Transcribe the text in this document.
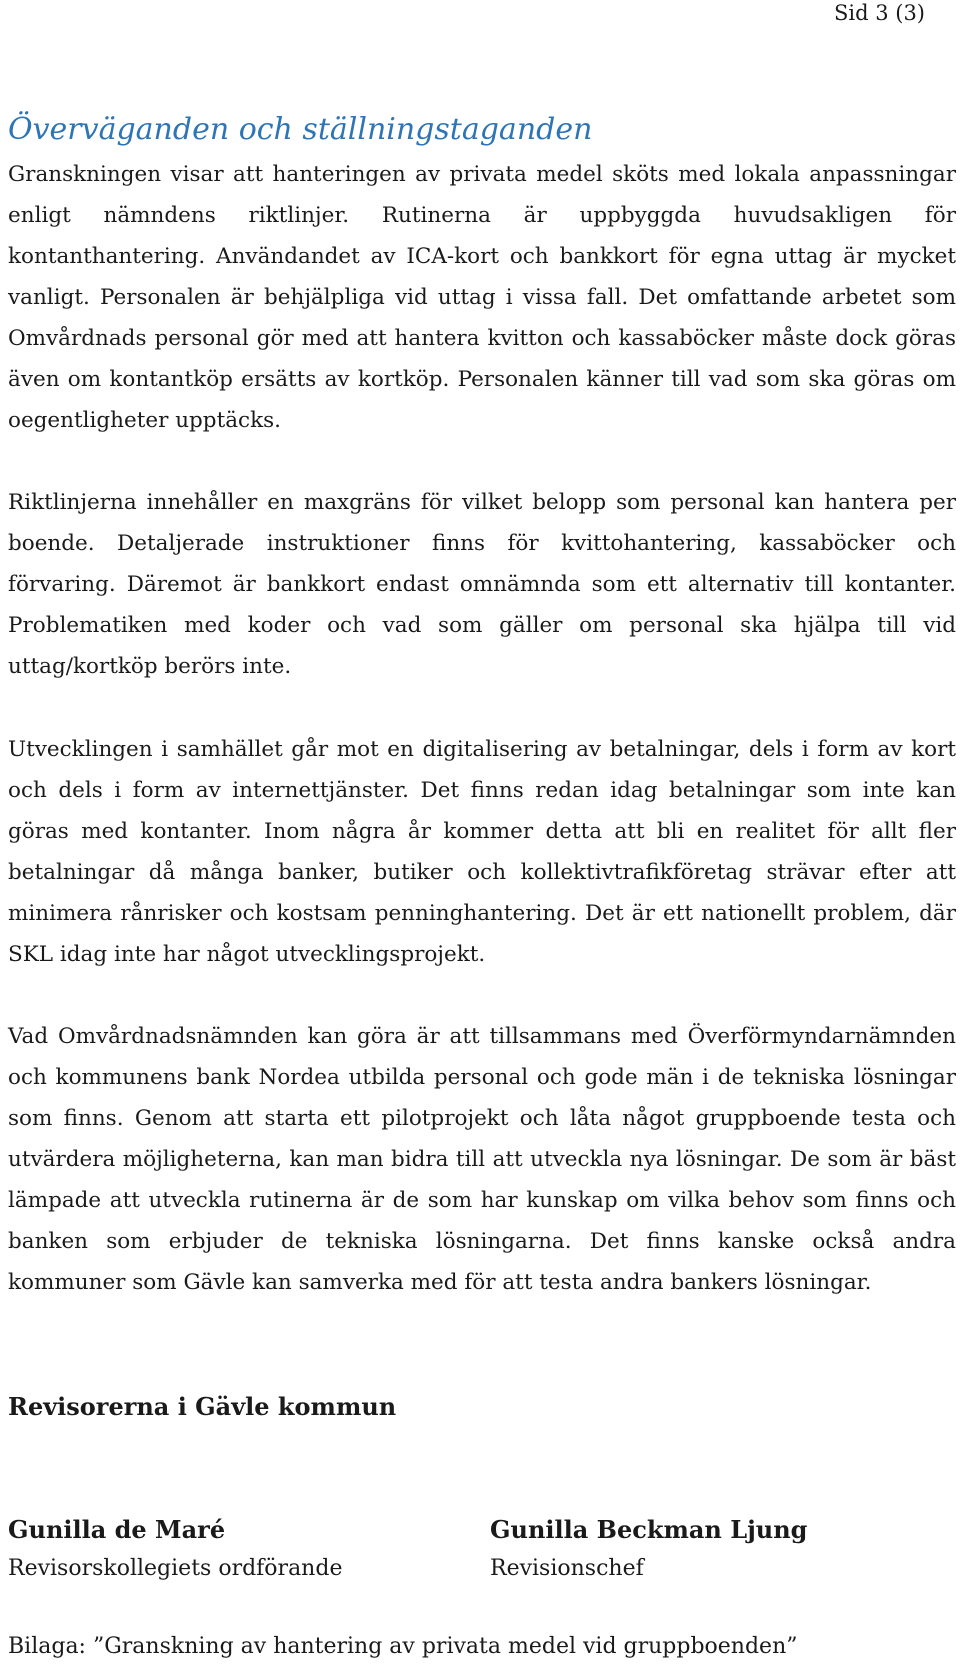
Sid 3 (3)
Överväganden och ställningstaganden

Granskningen visar att hanteringen av privata medel sköts med lokala anpassningar enligt nämndens riktlinjer. Rutinerna är uppbyggda huvudsakligen för kontanthantering. Användandet av ICA-kort och bankkort för egna uttag är mycket vanligt. Personalen är behjälpliga vid uttag i vissa fall. Det omfattande arbetet som Omvårdnads personal gör med att hantera kvitton och kassaböcker måste dock göras även om kontantköp ersätts av kortköp. Personalen känner till vad som ska göras om oegentligheter upptäcks.

Riktlinjerna innehåller en maxgräns för vilket belopp som personal kan hantera per boende. Detaljerade instruktioner finns för kvittohantering, kassaböcker och förvaring. Däremot är bankkort endast omnämnda som ett alternativ till kontanter. Problematiken med koder och vad som gäller om personal ska hjälpa till vid uttag/kortköp berörs inte.

Utvecklingen i samhället går mot en digitalisering av betalningar, dels i form av kort och dels i form av internettjänster. Det finns redan idag betalningar som inte kan göras med kontanter. Inom några år kommer detta att bli en realitet för allt fler betalningar då många banker, butiker och kollektivtrafikföretag strävar efter att minimera rånrisker och kostsam penninghantering. Det är ett nationellt problem, där SKL idag inte har något utvecklingsprojekt.

Vad Omvårdnadsnämnden kan göra är att tillsammans med Överförmyndarnämnden och kommunens bank Nordea utbilda personal och gode män i de tekniska lösningar som finns. Genom att starta ett pilotprojekt och låta något gruppboende testa och utvärdera möjligheterna, kan man bidra till att utveckla nya lösningar. De som är bäst lämpade att utveckla rutinerna är de som har kunskap om vilka behov som finns och banken som erbjuder de tekniska lösningarna. Det finns kanske också andra kommuner som Gävle kan samverka med för att testa andra bankers lösningar.

Revisorerna i Gävle kommun
Gunilla de Maré
Revisorskollegiets ordförande
Gunilla Beckman Ljung
Revisionschef
Bilaga: ”Granskning av hantering av privata medel vid gruppboenden”
